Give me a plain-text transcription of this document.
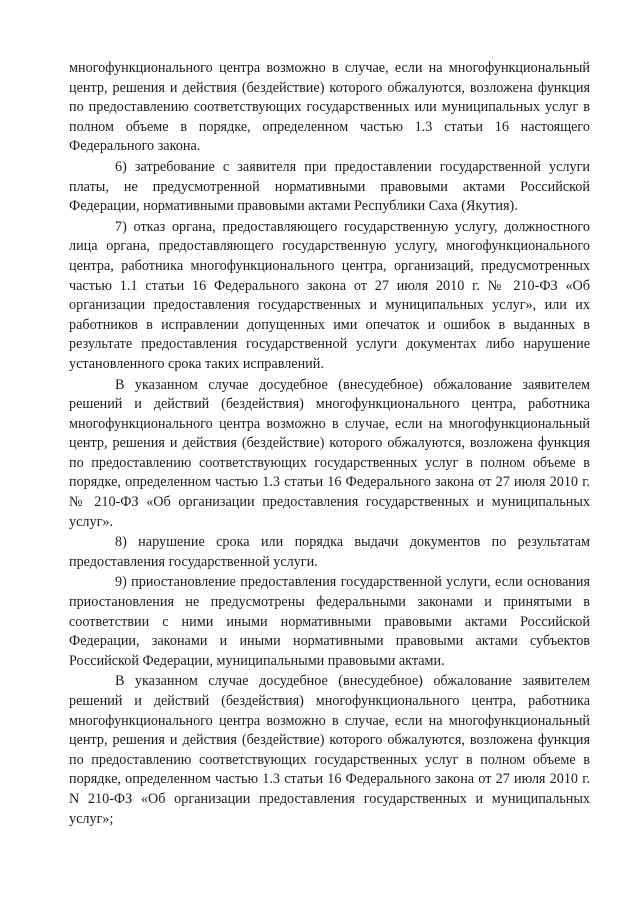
многофункционального центра возможно в случае, если на многофункциональный центр, решения и действия (бездействие) которого обжалуются, возложена функция по предоставлению соответствующих государственных или муниципальных услуг в полном объеме в порядке, определенном частью 1.3 статьи 16 настоящего Федерального закона.

6) затребование с заявителя при предоставлении государственной услуги платы, не предусмотренной нормативными правовыми актами Российской Федерации, нормативными правовыми актами Республики Саха (Якутия).

7) отказ органа, предоставляющего государственную услугу, должностного лица органа, предоставляющего государственную услугу, многофункционального центра, работника многофункционального центра, организаций, предусмотренных частью 1.1 статьи 16 Федерального закона от 27 июля 2010 г. № 210-ФЗ «Об организации предоставления государственных и муниципальных услуг», или их работников в исправлении допущенных ими опечаток и ошибок в выданных в результате предоставления государственной услуги документах либо нарушение установленного срока таких исправлений.

В указанном случае досудебное (внесудебное) обжалование заявителем решений и действий (бездействия) многофункционального центра, работника многофункционального центра возможно в случае, если на многофункциональный центр, решения и действия (бездействие) которого обжалуются, возложена функция по предоставлению соответствующих государственных услуг в полном объеме в порядке, определенном частью 1.3 статьи 16 Федерального закона от 27 июля 2010 г. № 210-ФЗ «Об организации предоставления государственных и муниципальных услуг».

8) нарушение срока или порядка выдачи документов по результатам предоставления государственной услуги.

9) приостановление предоставления государственной услуги, если основания приостановления не предусмотрены федеральными законами и принятыми в соответствии с ними иными нормативными правовыми актами Российской Федерации, законами и иными нормативными правовыми актами субъектов Российской Федерации, муниципальными правовыми актами.

В указанном случае досудебное (внесудебное) обжалование заявителем решений и действий (бездействия) многофункционального центра, работника многофункционального центра возможно в случае, если на многофункциональный центр, решения и действия (бездействие) которого обжалуются, возложена функция по предоставлению соответствующих государственных услуг в полном объеме в порядке, определенном частью 1.3 статьи 16 Федерального закона от 27 июля 2010 г. N 210-ФЗ «Об организации предоставления государственных и муниципальных услуг»;
